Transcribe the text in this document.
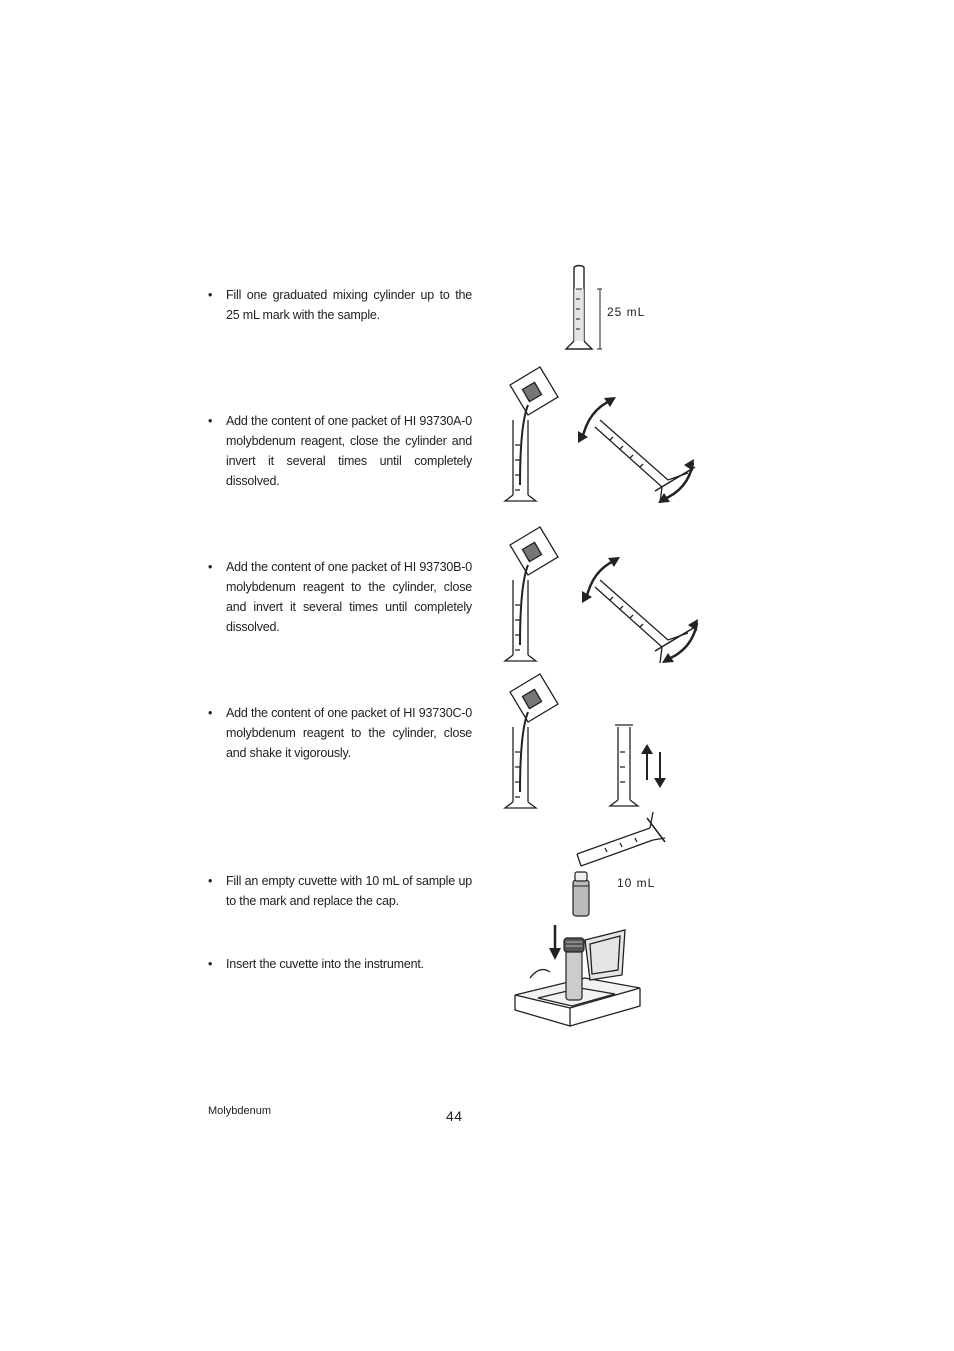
• Fill one graduated mixing cylinder up to the 25 mL mark with the sample.
• Add the content of one packet of HI 93730A-0 molybdenum reagent, close the cylinder and invert it several times until completely dissolved.
• Add the content of one packet of HI 93730B-0 molybdenum reagent to the cylinder, close and invert it several times until completely dissolved.
• Add the content of one packet of HI 93730C-0 molybdenum reagent to the cylinder, close and shake it vigorously.
• Fill an empty cuvette with 10 mL of sample up to the mark and replace the cap.
• Insert the cuvette into the instrument.
25 mL
10 mL
Molybdenum	44
